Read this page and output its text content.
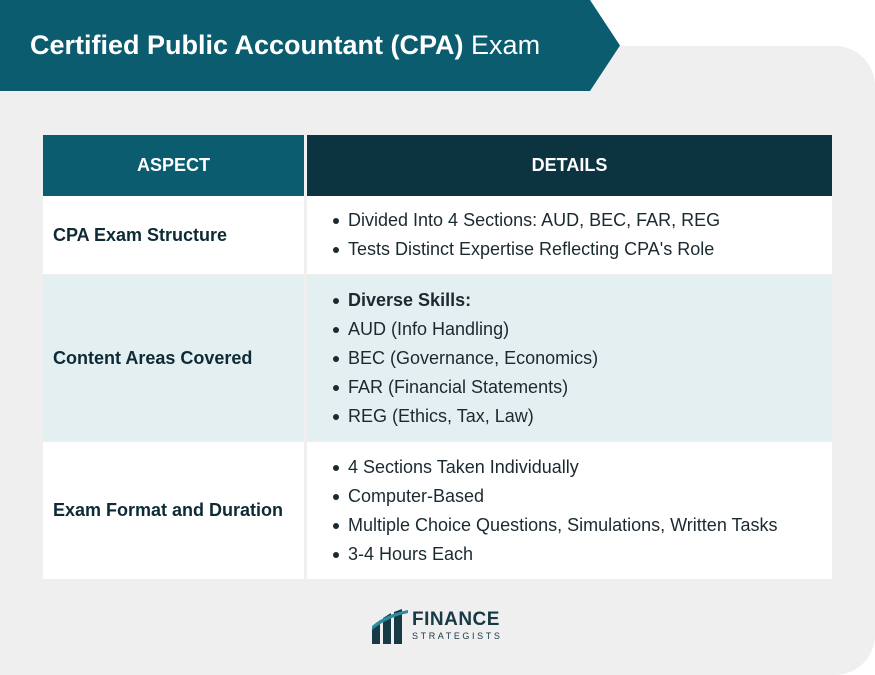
Certified Public Accountant (CPA) Exam
ASPECT	DETAILS
CPA Exam Structure
Divided Into 4 Sections: AUD, BEC, FAR, REG
Tests Distinct Expertise Reflecting CPA's Role
Content Areas Covered
Diverse Skills:
AUD (Info Handling)
BEC (Governance, Economics)
FAR (Financial Statements)
REG (Ethics, Tax, Law)
Exam Format and Duration
4 Sections Taken Individually
Computer-Based
Multiple Choice Questions, Simulations, Written Tasks
3-4 Hours Each
FINANCE
STRATEGISTS
